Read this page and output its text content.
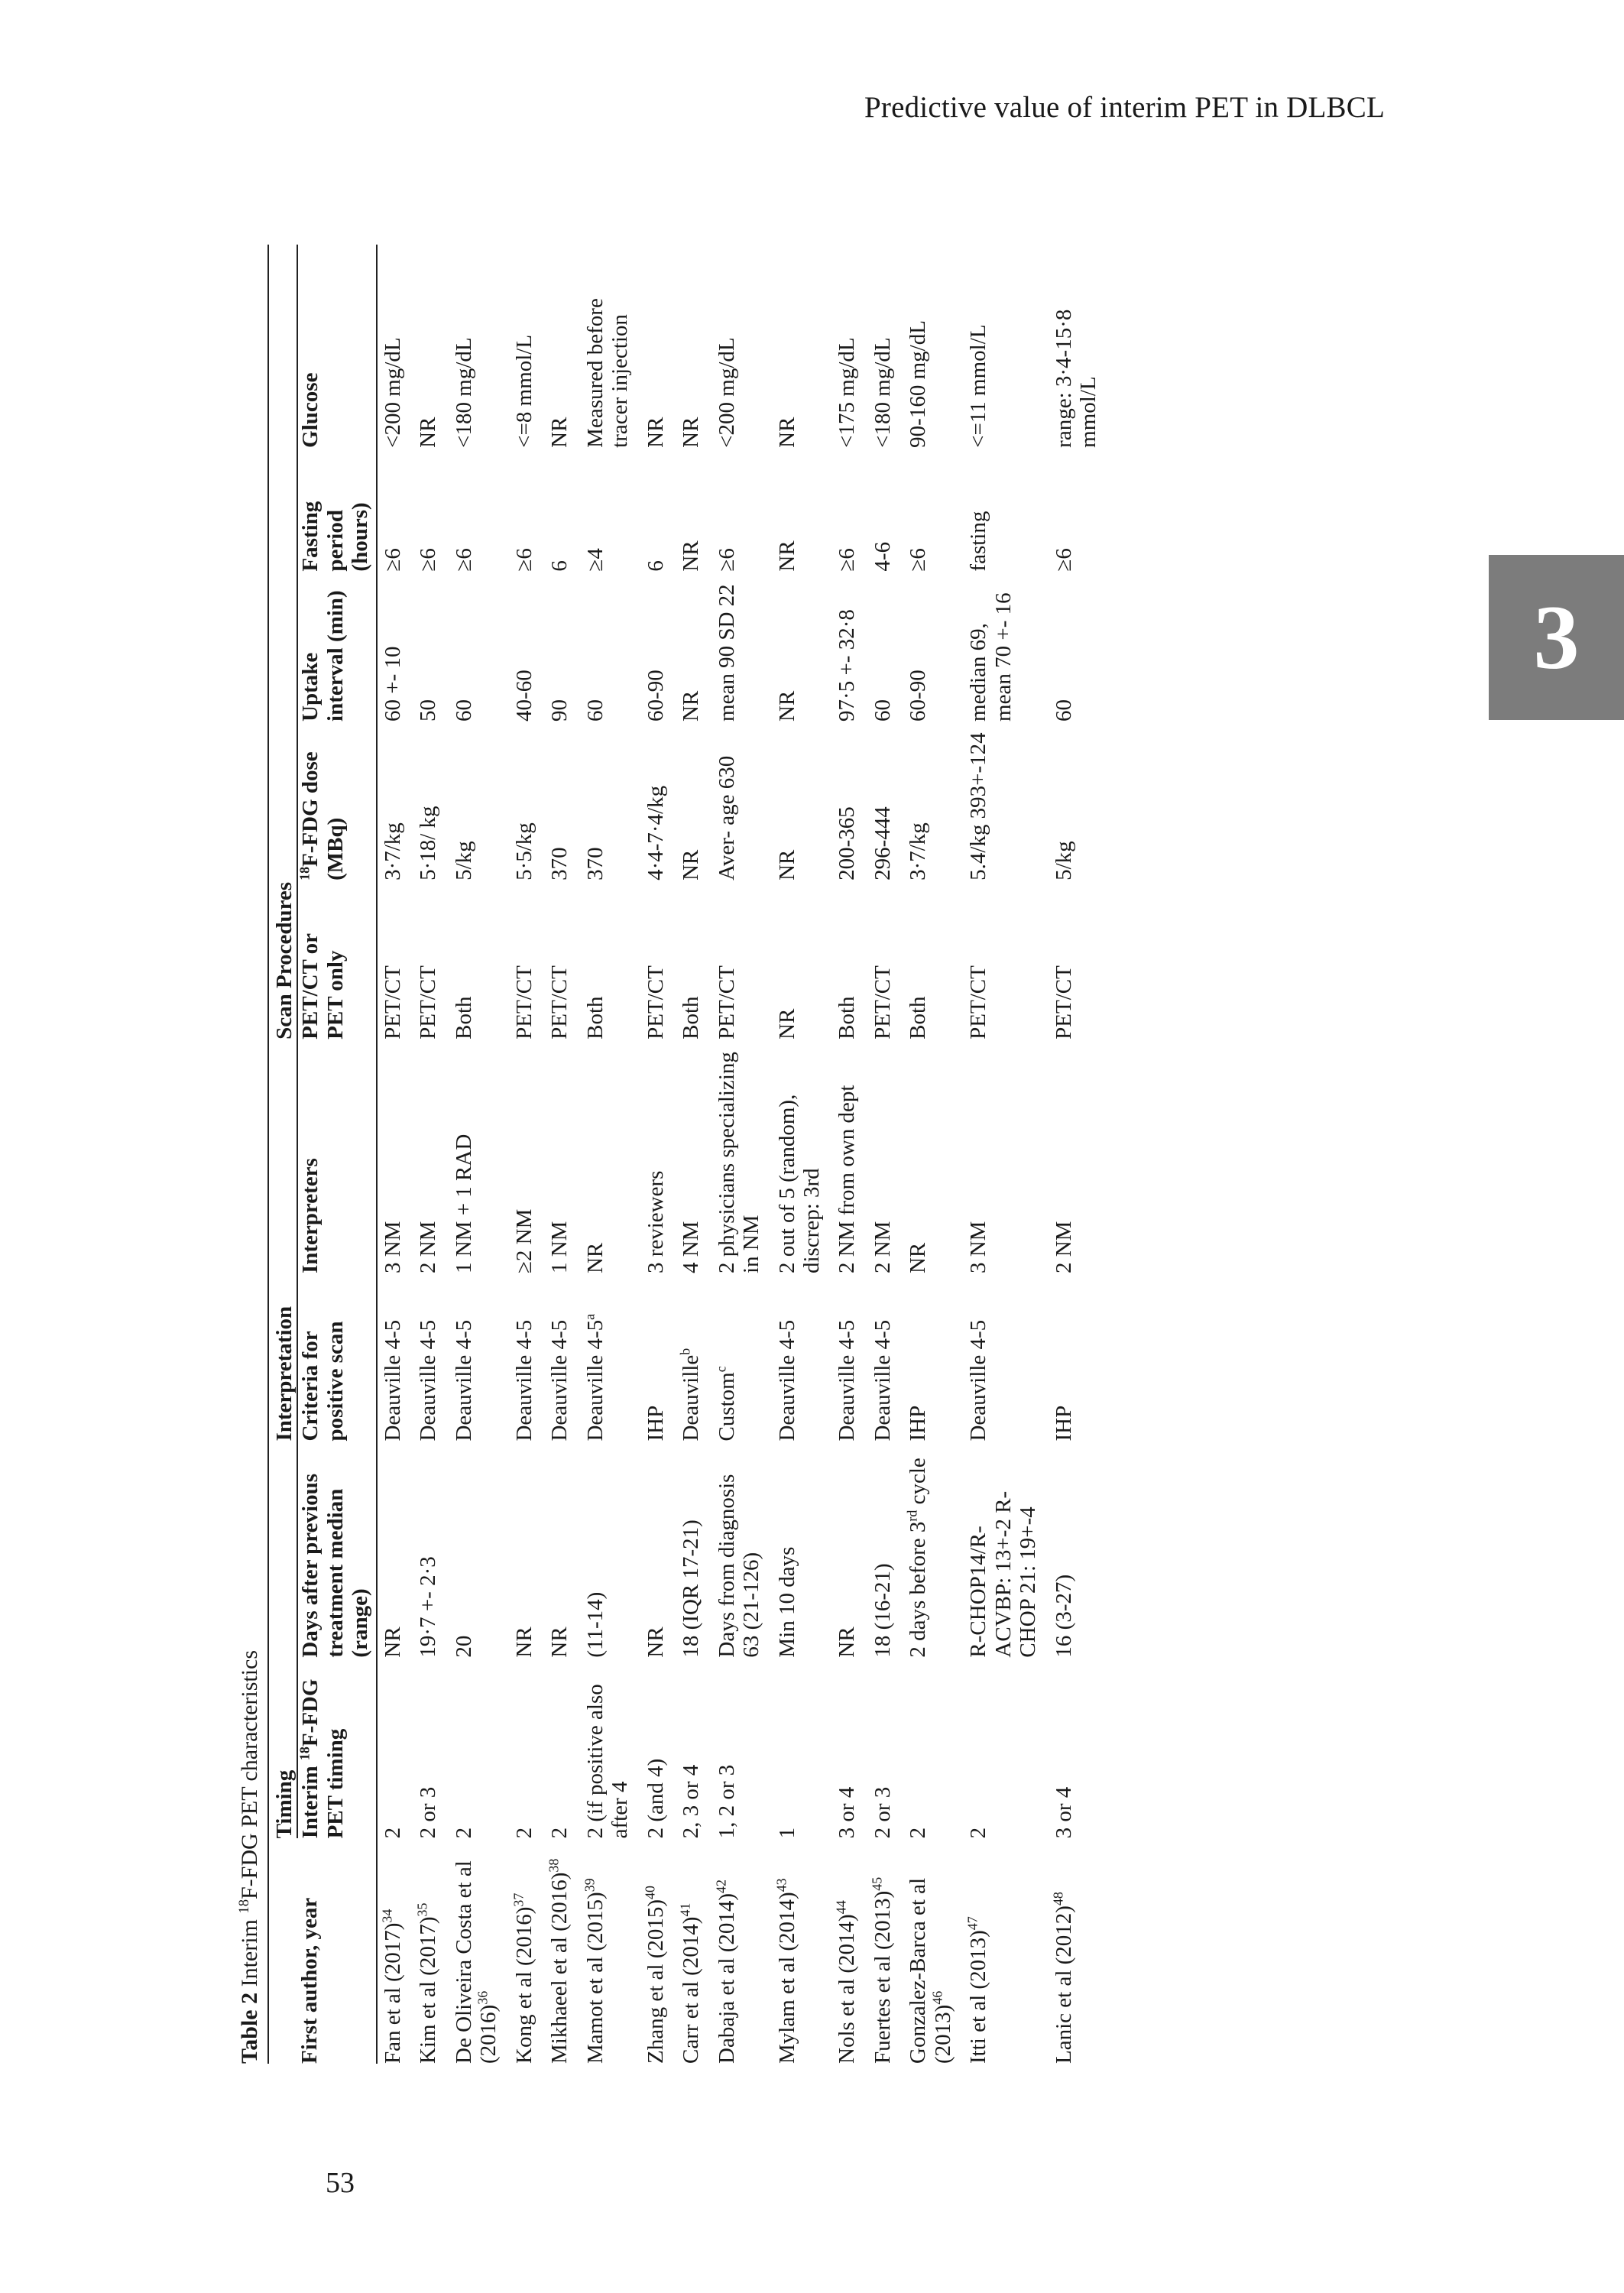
Predictive value of interim PET in DLBCL
3
53
Table 2 Interim $^{18}$F-FDG PET characteristics
	Timing		Interpretation		Scan Procedures				
First author, year	Interim $^{18}$F-FDG PET timing	Days after previous treatment median (range)	Criteria for positive scan	Interpreters	PET/CT or PET only	$^{18}$F-FDG dose (MBq)	Uptake interval (min)	Fasting period (hours)	Glucose
Fan et al $(2017)^{34}$	2	NR	Deauville 4-5	3 NM	PET/CT	3·7/kg	60 +- 10	≥6	<200 mg/dL
Kim et al $(2017)^{35}$	2 or 3	19·7 +- 2·3	Deauville 4-5	2 NM	PET/CT	5·18/ kg	50	≥6	NR
De Oliveira Costa et al $(2016)^{36}$	2	20	Deauville 4-5	1 NM + 1 RAD	Both	5/kg	60	≥6	<180 mg/dL
Kong et al $(2016)^{37}$	2	NR	Deauville 4-5	≥2 NM	PET/CT	5·5/kg	40-60	≥6	<=8 mmol/L
Mikhaeel et al $(2016)^{38}$	2	NR	Deauville 4-5	1 NM	PET/CT	370	90	6	NR
Mamot et al $(2015)^{39}$	2 (if positive also after 4	(11-14)	Deauville 4-5$^a$	NR	Both	370	60	≥4	Measured before tracer injection
Zhang et al $(2015)^{40}$	2 (and 4)	NR	IHP	3 reviewers	PET/CT	4·4-7·4/kg	60-90	6	NR
Carr et al $(2014)^{41}$	2, 3 or 4	18 (IQR 17-21)	Deauville$^b$	4 NM	Both	NR	NR	NR	NR
Dabaja et al $(2014)^{42}$	1, 2 or 3	Days from diagnosis 63 (21-126)	Custom$^c$	2 physicians specializing in NM	PET/CT	Aver- age 630	mean 90 SD 22	≥6	<200 mg/dL
Mylam et al $(2014)^{43}$	1	Min 10 days	Deauville 4-5	2 out of 5 (random), discrep: 3rd	NR	NR	NR	NR	NR
Nols et al $(2014)^{44}$	3 or 4	NR	Deauville 4-5	2 NM from own dept	Both	200-365	97·5 +- 32·8	≥6	<175 mg/dL
Fuertes et al $(2013)^{45}$	2 or 3	18 (16-21)	Deauville 4-5	2 NM	PET/CT	296-444	60	4-6	<180 mg/dL
Gonzalez-Barca et al $(2013)^{46}$	2	2 days before 3rd cycle	IHP	NR	Both	3·7/kg	60-90	≥6	90-160 mg/dL
Itti et al $(2013)^{47}$	2	R-CHOP14/R-ACVBP: 13+-2 R-CHOP 21: 19+-4	Deauville 4-5	3 NM	PET/CT	5.4/kg 393+-124	median 69, mean 70 +- 16	fasting	<=11 mmol/L
Lanic et al $(2012)^{48}$	3 or 4	16 (3-27)	IHP	2 NM	PET/CT	5/kg	60	≥6	range: 3·4-15·8 mmol/L
